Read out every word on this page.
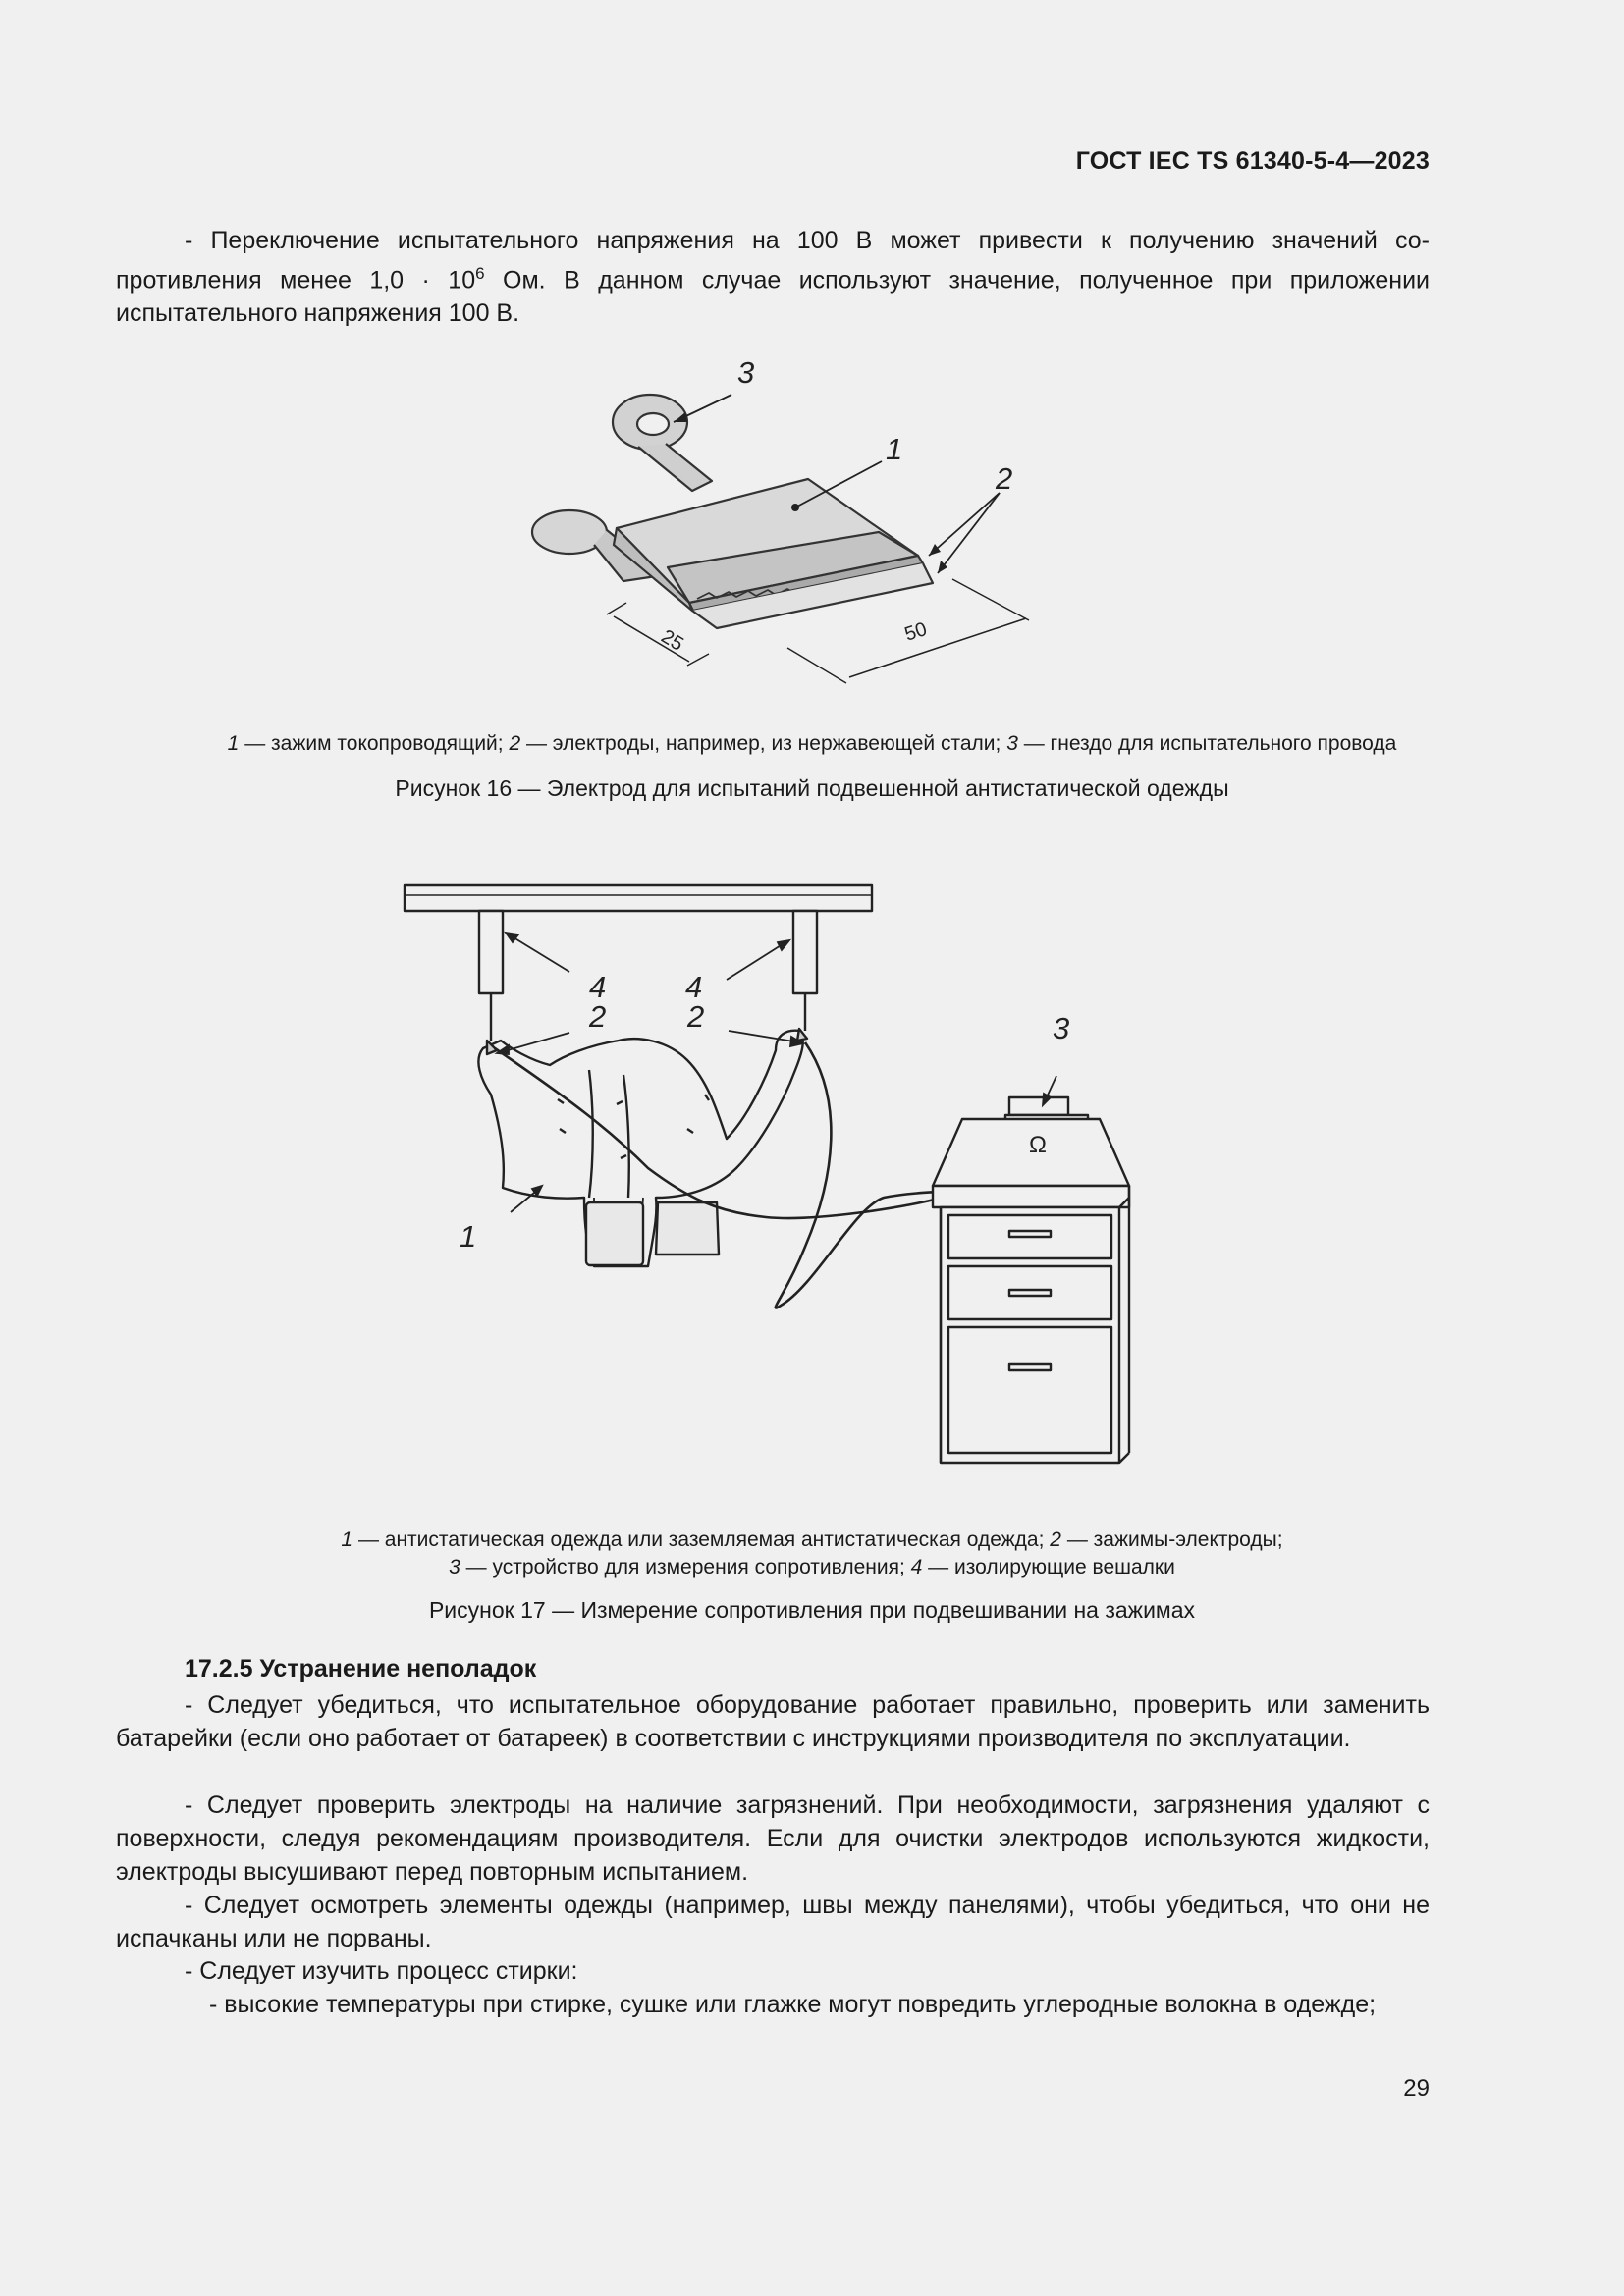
ГОСТ IEC TS 61340-5-4—2023
- Переключение испытательного напряжения на 100 В может привести к получению значений со-
противления менее $1,0 \cdot 10^6$ Ом. В данном случае используют значение, полученное при приложении
испытательного напряжения 100 В.
1
3
2
25	50
1 — зажим токопроводящий; 2 — электроды, например, из нержавеющей стали; 3 — гнездо для испытательного провода
Рисунок 16 — Электрод для испытаний подвешенной антистатической одежды
Ω
4	4
2	2	3
1
1 — антистатическая одежда или заземляемая антистатическая одежда; 2 — зажимы-электроды;
3 — устройство для измерения сопротивления; 4 — изолирующие вешалки
Рисунок 17 — Измерение сопротивления при подвешивании на зажимах
17.2.5 Устранение неполадок
- Следует убедиться, что испытательное оборудование работает правильно, проверить или заменить батарейки (если оно работает от батареек) в соответствии с инструкциями производителя по эксплуатации.
- Следует проверить электроды на наличие загрязнений. При необходимости, загрязнения удаляют с поверхности, следуя рекомендациям производителя. Если для очистки электродов используются жидкости, электроды высушивают перед повторным испытанием.
- Следует осмотреть элементы одежды (например, швы между панелями), чтобы убедиться, что они не испачканы или не порваны.
- Следует изучить процесс стирки:
- высокие температуры при стирке, сушке или глажке могут повредить углеродные волокна в одежде;
29
